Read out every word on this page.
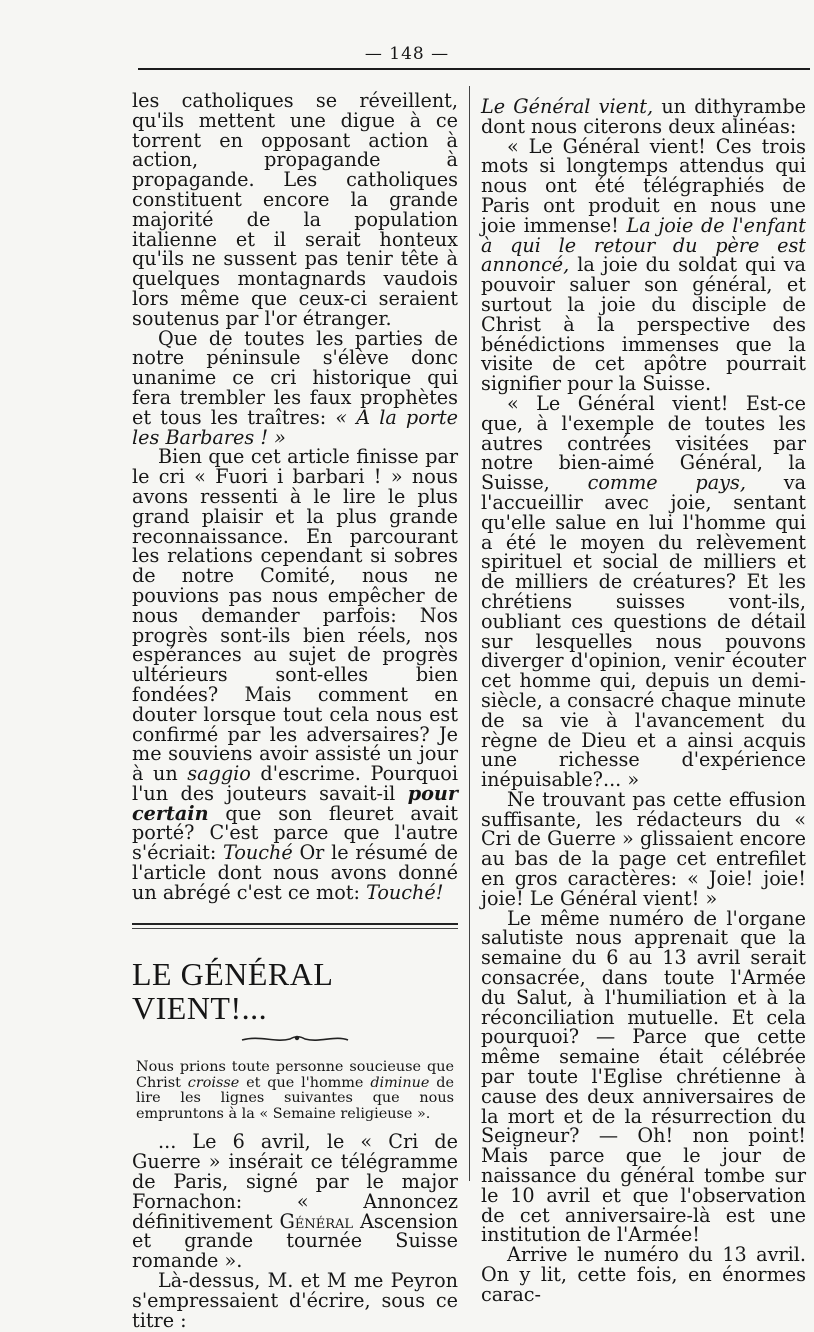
— 148 —

les catholiques se réveillent, qu'ils mettent une digue à ce torrent en opposant action à action, propagande à propagande. Les catholiques constituent encore la grande majorité de la population italienne et il serait honteux qu'ils ne sussent pas tenir tête à quelques montagnards vaudois lors même que ceux-ci seraient soutenus par l'or étranger.

Que de toutes les parties de notre péninsule s'élève donc unanime ce cri historique qui fera trembler les faux prophètes et tous les traîtres: « A la porte les Barbares ! »

Bien que cet article finisse par le cri « Fuori i barbari ! » nous avons ressenti à le lire le plus grand plaisir et la plus grande reconnaissance. En parcourant les relations cependant si sobres de notre Comité, nous ne pouvions pas nous empêcher de nous demander parfois: Nos progrès sont-ils bien réels, nos espérances au sujet de progrès ultérieurs sont-elles bien fondées? Mais comment en douter lorsque tout cela nous est confirmé par les adversaires? Je me souviens avoir assisté un jour à un saggio d'escrime. Pourquoi l'un des jouteurs savait-il pour certain que son fleuret avait porté? C'est parce que l'autre s'écriait: Touché Or le résumé de l'article dont nous avons donné un abrégé c'est ce mot: Touché!

LE GÉNÉRAL VIENT!...

Nous prions toute personne soucieuse que Christ croisse et que l'homme diminue de lire les lignes suivantes que nous empruntons à la « Semaine religieuse ».

... Le 6 avril, le « Cri de Guerre » insérait ce télégramme de Paris, signé par le major Fornachon: « Annoncez définitivement Général Ascension et grande tournée Suisse romande ».

Là-dessus, M. et M me Peyron s'empressaient d'écrire, sous ce titre :

Le Général vient, un dithyrambe dont nous citerons deux alinéas:

« Le Général vient! Ces trois mots si longtemps attendus qui nous ont été télégraphiés de Paris ont produit en nous une joie immense! La joie de l'enfant à qui le retour du père est annoncé, la joie du soldat qui va pouvoir saluer son général, et surtout la joie du disciple de Christ à la perspective des bénédictions immenses que la visite de cet apôtre pourrait signifier pour la Suisse.

« Le Général vient! Est-ce que, à l'exemple de toutes les autres contrées visitées par notre bien-aimé Général, la Suisse, comme pays, va l'accueillir avec joie, sentant qu'elle salue en lui l'homme qui a été le moyen du relèvement spirituel et social de milliers et de milliers de créatures? Et les chrétiens suisses vont-ils, oubliant ces questions de détail sur lesquelles nous pouvons diverger d'opinion, venir écouter cet homme qui, depuis un demi-siècle, a consacré chaque minute de sa vie à l'avancement du règne de Dieu et a ainsi acquis une richesse d'expérience inépuisable?... »

Ne trouvant pas cette effusion suffisante, les rédacteurs du « Cri de Guerre » glissaient encore au bas de la page cet entrefilet en gros caractères: « Joie! joie! joie! Le Général vient! »

Le même numéro de l'organe salutiste nous apprenait que la semaine du 6 au 13 avril serait consacrée, dans toute l'Armée du Salut, à l'humiliation et à la réconciliation mutuelle. Et cela pourquoi? — Parce que cette même semaine était célébrée par toute l'Eglise chrétienne à cause des deux anniversaires de la mort et de la résurrection du Seigneur? — Oh! non point! Mais parce que le jour de naissance du général tombe sur le 10 avril et que l'observation de cet anniversaire-là est une institution de l'Armée!

Arrive le numéro du 13 avril. On y lit, cette fois, en énormes carac-
